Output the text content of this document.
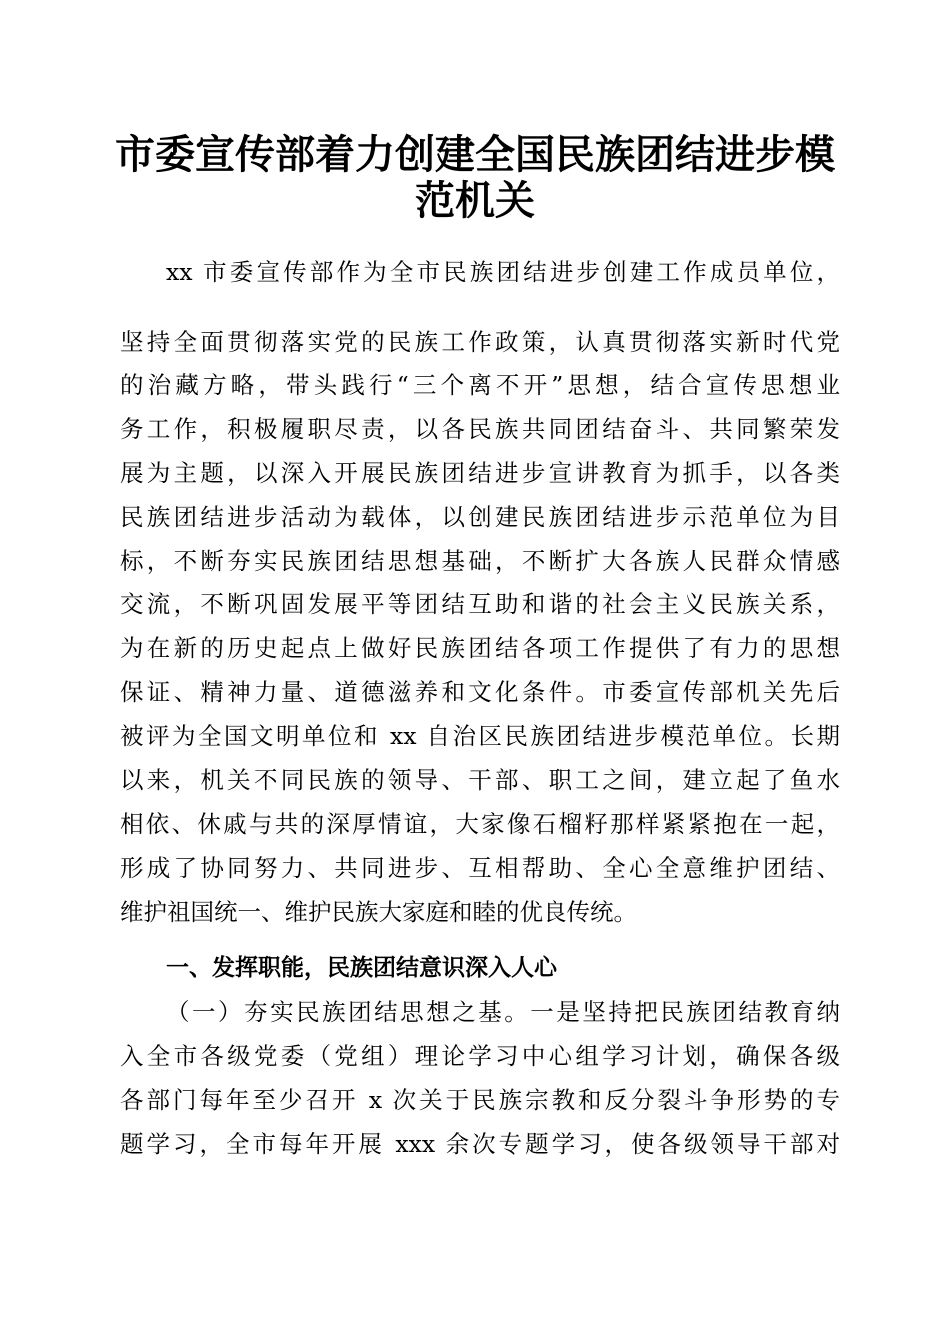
市委宣传部着力创建全国民族团结进步模范机关
xx 市委宣传部作为全市民族团结进步创建工作成员单位，
坚持全面贯彻落实党的民族工作政策，认真贯彻落实新时代党
的治藏方略，带头践行“三个离不开”思想，结合宣传思想业
务工作，积极履职尽责，以各民族共同团结奋斗、共同繁荣发
展为主题，以深入开展民族团结进步宣讲教育为抓手，以各类
民族团结进步活动为载体，以创建民族团结进步示范单位为目
标，不断夯实民族团结思想基础，不断扩大各族人民群众情感
交流，不断巩固发展平等团结互助和谐的社会主义民族关系，
为在新的历史起点上做好民族团结各项工作提供了有力的思想
保证、精神力量、道德滋养和文化条件。市委宣传部机关先后
被评为全国文明单位和 xx 自治区民族团结进步模范单位。长期
以来，机关不同民族的领导、干部、职工之间，建立起了鱼水
相依、休戚与共的深厚情谊，大家像石榴籽那样紧紧抱在一起，
形成了协同努力、共同进步、互相帮助、全心全意维护团结、
维护祖国统一、维护民族大家庭和睦的优良传统。
一、发挥职能，民族团结意识深入人心
（一）夯实民族团结思想之基。一是坚持把民族团结教育纳
入全市各级党委（党组）理论学习中心组学习计划，确保各级
各部门每年至少召开 x 次关于民族宗教和反分裂斗争形势的专
题学习，全市每年开展 xxx 余次专题学习，使各级领导干部对
